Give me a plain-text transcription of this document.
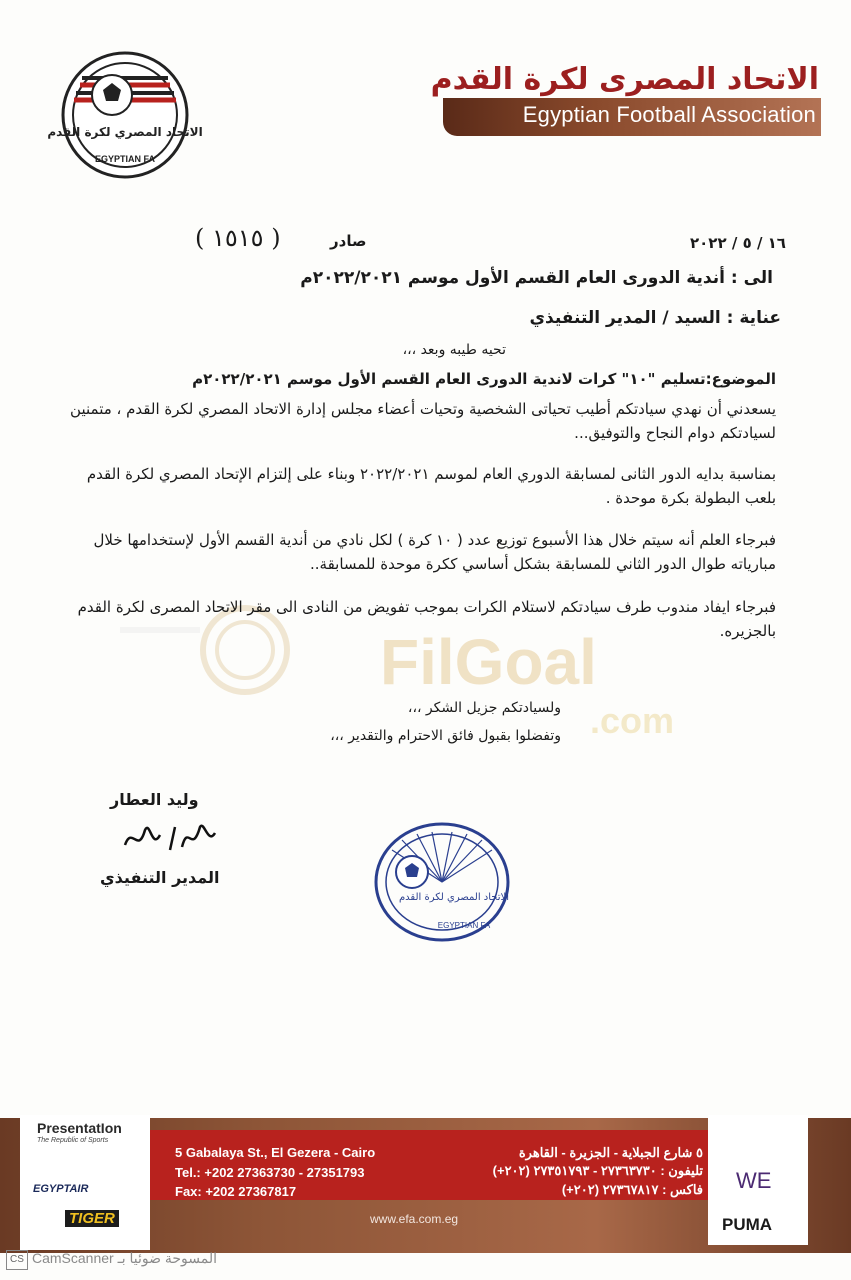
الاتحاد المصري لكرة القدم
EGYPTIAN FA
الاتحاد المصرى لكرة القدم
Egyptian Football Association
FilGoal
.com
١٦ / ٥ / ٢٠٢٢
صادر
( ١٥١٥ )
الى : أندية الدورى العام القسم الأول موسم ٢٠٢٢/٢٠٢١م
عناية : السيد / المدير التنفيذي
تحيه طيبه وبعد ،،،
الموضوع:تسليم "١٠" كرات لاندية الدورى العام القسم الأول موسم ٢٠٢٢/٢٠٢١م
يسعدني أن نهدي سيادتكم أطيب تحياتى الشخصية وتحيات أعضاء مجلس إدارة الاتحاد المصري لكرة القدم ، متمنين لسيادتكم دوام النجاح والتوفيق...
بمناسبة بدايه الدور الثانى لمسابقة الدوري العام لموسم ٢٠٢٢/٢٠٢١ وبناء على إلتزام الإتحاد المصري لكرة القدم بلعب البطولة بكرة موحدة .
فبرجاء العلم أنه سيتم خلال هذا الأسبوع توزيع عدد ( ١٠ كرة ) لكل نادي من أندية القسم الأول لإستخدامها خلال مبارياته طوال الدور الثاني للمسابقة بشكل أساسي ككرة موحدة للمسابقة..
فبرجاء ايفاد مندوب طرف سيادتكم لاستلام الكرات بموجب تفويض من النادى الى مقر الاتحاد المصرى لكرة القدم بالجزيره.
ولسيادتكم جزيل الشكر ،،،
وتفضلوا بقبول فائق الاحترام والتقدير ،،،
وليد العطار
المدير التنفيذي
الاتحاد المصري لكرة القدم
EGYPTIAN FA
5 Gabalaya St., El Gezera - Cairo
Tel.: +202 27363730 - 27351793
Fax: +202 27367817
٥ شارع الجبلاية - الجزيرة - القاهرة
تليفون : ٢٧٣٦٣٧٣٠ - ٢٧٣٥١٧٩٣ (٢٠٢+)
فاكس : ٢٧٣٦٧٨١٧ (٢٠٢+)
www.efa.com.eg
PresentatIon
The Republic of Sports
EGYPTAIR
TIGER
WE
PUMA
CS CamScanner المسوحة ضوئيا بـ
